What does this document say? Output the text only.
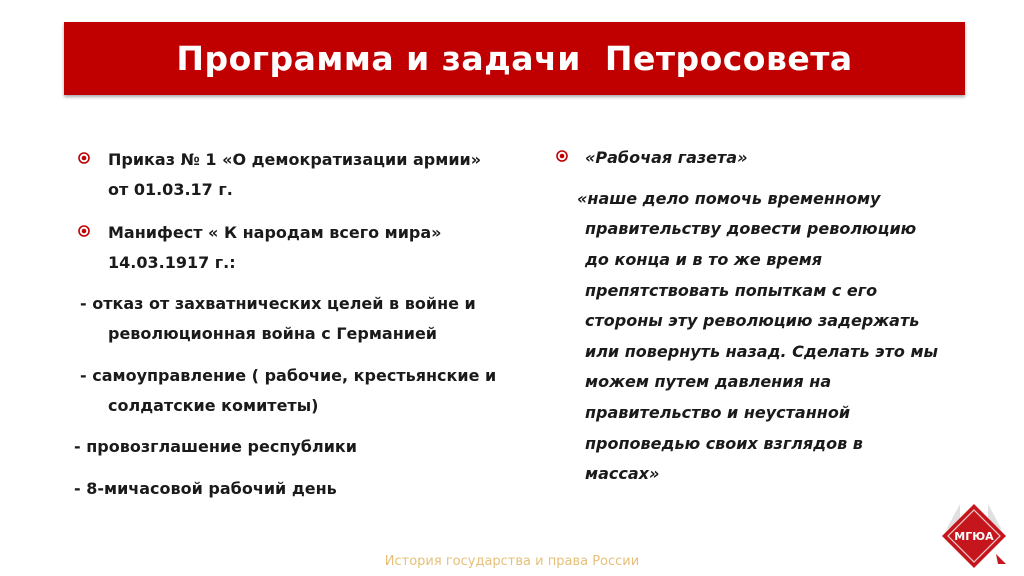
Программа и задачи  Петросовета
Приказ № 1 «О демократизации армии»
от 01.03.17 г.
Манифест « К народам всего мира»
14.03.1917 г.:
- отказ от захватнических целей в войне и
революционная война с Германией
- самоуправление ( рабочие, крестьянские и
солдатские комитеты)
- провозглашение республики
- 8-мичасовой рабочий день
«Рабочая газета»
«наше дело помочь временному
правительству довести революцию
до конца и в то же время
препятствовать попыткам с его
стороны эту революцию задержать
или повернуть назад. Сделать это мы
можем путем давления на
правительство и неустанной
проповедью своих взглядов в
массах»
История государства и права России
МГЮА
